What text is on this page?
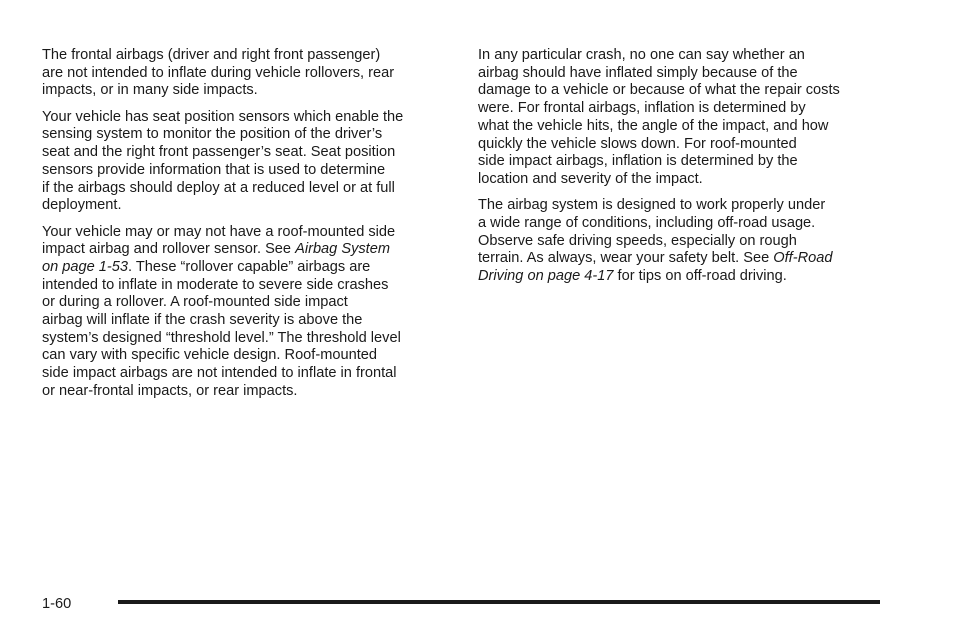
The frontal airbags (driver and right front passenger)
are not intended to inflate during vehicle rollovers, rear
impacts, or in many side impacts.

Your vehicle has seat position sensors which enable the
sensing system to monitor the position of the driver’s
seat and the right front passenger’s seat. Seat position
sensors provide information that is used to determine
if the airbags should deploy at a reduced level or at full
deployment.

Your vehicle may or may not have a roof-mounted side
impact airbag and rollover sensor. See Airbag System
on page 1-53. These “rollover capable” airbags are
intended to inflate in moderate to severe side crashes
or during a rollover. A roof-mounted side impact
airbag will inflate if the crash severity is above the
system’s designed “threshold level.” The threshold level
can vary with specific vehicle design. Roof-mounted
side impact airbags are not intended to inflate in frontal
or near-frontal impacts, or rear impacts.

In any particular crash, no one can say whether an
airbag should have inflated simply because of the
damage to a vehicle or because of what the repair costs
were. For frontal airbags, inflation is determined by
what the vehicle hits, the angle of the impact, and how
quickly the vehicle slows down. For roof-mounted
side impact airbags, inflation is determined by the
location and severity of the impact.

The airbag system is designed to work properly under
a wide range of conditions, including off-road usage.
Observe safe driving speeds, especially on rough
terrain. As always, wear your safety belt. See Off-Road
Driving on page 4-17 for tips on off-road driving.

1-60
